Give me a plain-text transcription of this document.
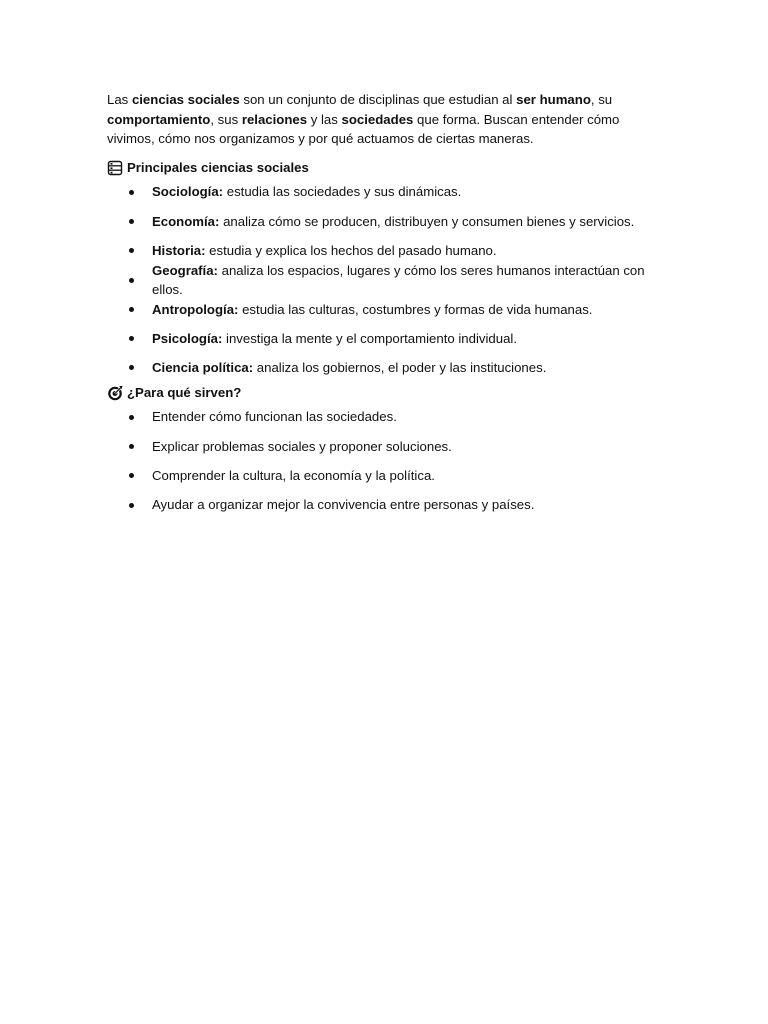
Las ciencias sociales son un conjunto de disciplinas que estudian al ser humano, su comportamiento, sus relaciones y las sociedades que forma. Buscan entender cómo vivimos, cómo nos organizamos y por qué actuamos de ciertas maneras.

Principales ciencias sociales
Sociología: estudia las sociedades y sus dinámicas.
Economía: analiza cómo se producen, distribuyen y consumen bienes y servicios.
Historia: estudia y explica los hechos del pasado humano.
Geografía: analiza los espacios, lugares y cómo los seres humanos interactúan con ellos.
Antropología: estudia las culturas, costumbres y formas de vida humanas.
Psicología: investiga la mente y el comportamiento individual.
Ciencia política: analiza los gobiernos, el poder y las instituciones.
¿Para qué sirven?
Entender cómo funcionan las sociedades.
Explicar problemas sociales y proponer soluciones.
Comprender la cultura, la economía y la política.
Ayudar a organizar mejor la convivencia entre personas y países.
